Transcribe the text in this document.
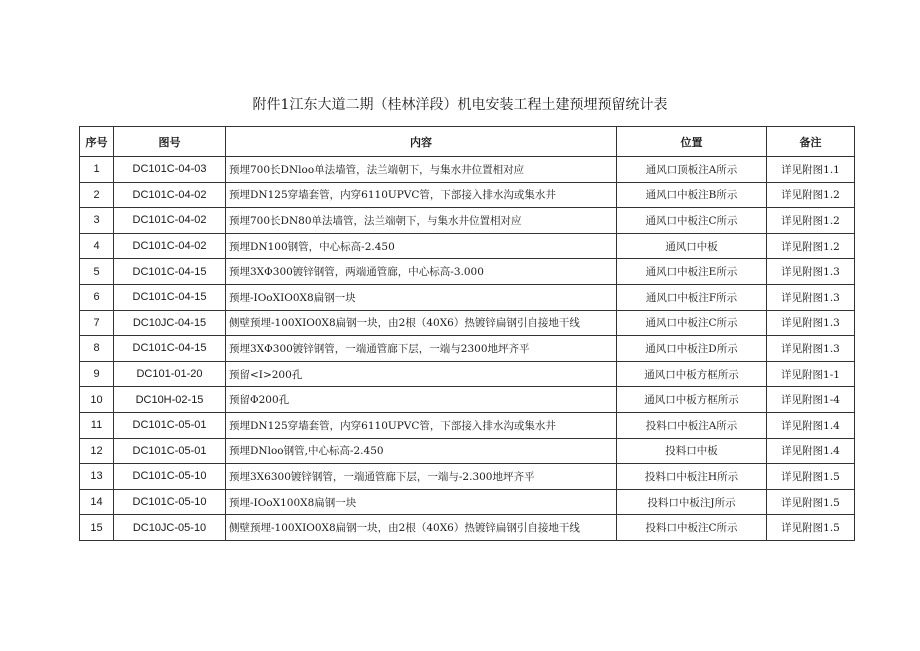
附件1江东大道二期（桂林洋段）机电安装工程土建预埋预留统计表
序号	图号	内容	位置	备注
1	DC101C-04-03	预埋700长DNloo单法墙管，法兰端朝下，与集水井位置相对应	通风口顶板注A所示	详见附图1.1
2	DC101C-04-02	预埋DN125穿墙套管，内穿6110UPVC管，下部接入排水沟或集水井	通风口中板注B所示	详见附图1.2
3	DC101C-04-02	预埋700长DN80单法墙管，法兰端朝下，与集水井位置相对应	通风口中板注C所示	详见附图1.2
4	DC101C-04-02	预埋DN100钢管，中心标高-2.450	通风口中板	详见附图1.2
5	DC101C-04-15	预埋3XΦ300镀锌钢管，两端通管廊，中心标高-3.000	通风口中板注E所示	详见附图1.3
6	DC101C-04-15	预埋-IOoXIO0X8扁钢一块	通风口中板注F所示	详见附图1.3
7	DC10JC-04-15	侧壁预埋-100XIO0X8扁钢一块，由2根（40X6）热镀锌扁钢引自接地干线	通风口中板注C所示	详见附图1.3
8	DC101C-04-15	预埋3XΦ300镀锌钢管，一端通管廊下层，一端与2300地坪齐平	通风口中板注D所示	详见附图1.3
9	DC101-01-20	预留<I>200孔	通风口中板方框所示	详见附图1-1
10	DC10H-02-15	预留Φ200孔	通风口中板方框所示	详见附图1-4
11	DC101C-05-01	预埋DN125穿墙套管，内穿6110UPVC管，下部接入排水沟或集水井	投料口中板注A所示	详见附图1.4
12	DC101C-05-01	预埋DNloo钢管,中心标高-2.450	投料口中板	详见附图1.4
13	DC101C-05-10	预埋3X6300镀锌钢管，一端通管廊下层，一端与-2.300地坪齐平	投料口中板注H所示	详见附图1.5
14	DC101C-05-10	预埋-IOoX100X8扁钢一块	投料口中板注J所示	详见附图1.5
15	DC10JC-05-10	侧壁预埋-100XIO0X8扁钢一块，由2根（40X6）热镀锌扁钢引自接地干线	投料口中板注C所示	详见附图1.5
